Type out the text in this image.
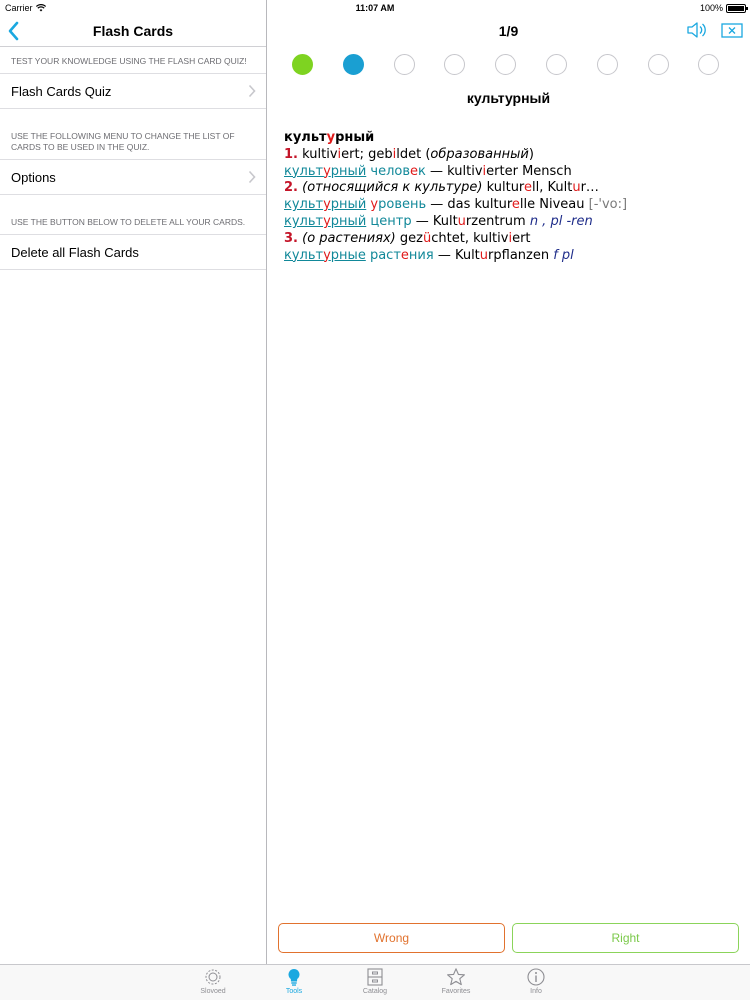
Carrier	11:07 AM	100%
Flash Cards
TEST YOUR KNOWLEDGE USING THE FLASH CARD QUIZ!
Flash Cards Quiz
USE THE FOLLOWING MENU TO CHANGE THE LIST OF CARDS TO BE USED IN THE QUIZ.
Options
USE THE BUTTON BELOW TO DELETE ALL YOUR CARDS.
Delete all Flash Cards
1/9
культурный
культурный
1. kultiviert; gebildet (образованный)
культурный человек — kultivierter Mensch
2. (относящийся к культуре) kulturell, Kultur…
культурный уровень — das kulturelle Niveau [-'vo:]
культурный центр — Kulturzentrum n , pl -ren
3. (о растениях) gezüchtet, kultiviert
культурные растения — Kulturpflanzen f pl
Wrong	Right
Slovoed	Tools	Catalog	Favorites	Info
